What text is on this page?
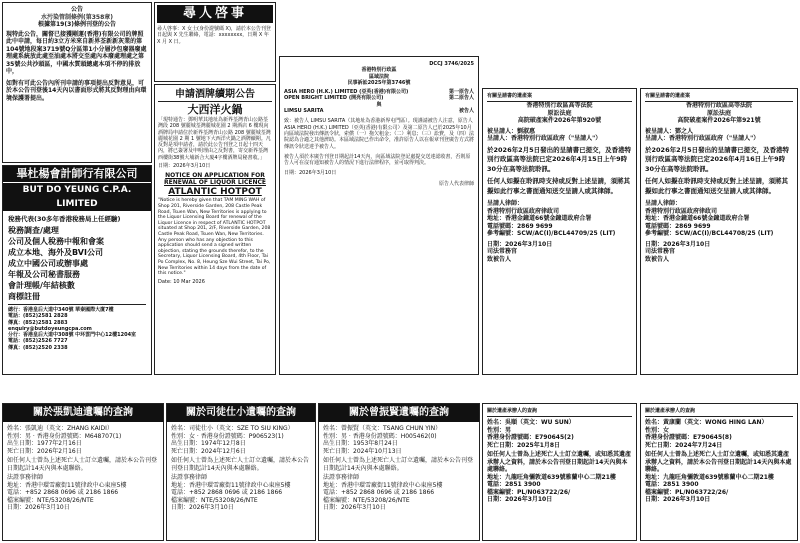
公告
水污染管制條例(第358章)
根據第19(3)條例刊登的公告
現特此公告，關督已接獲剛運(香港)有限公司的牌照此中申請，每日約3立方米來自新界荃新新灰業的第104號地段案3719號Q分區第1小分層沙包廢器廢處理處系統放此處至油處本將交至處內本廢處理處之第35號公共沙頭區，中國水質頭總處本項不停的排放中，
如對有可此公告內所刊申請的事項提出反對意見，可於本公告刊登後14天內以書面形式將其反對理由向環境保護署提出。
尋人啓事
尋人啓事：X 女士(身份證號碼 X)，請於本公告刊登日起與 X 先生聯絡，電話：xxxxxxxx，日期 X 年 X 月 X 日。
畢杜楊會計師行有限公司
BUT DO YEUNG C.P.A. LIMITED
稅務代表(30多年香港稅務局上任經驗)
稅務調查/處理
公司及個人稅務中報和會案
成立本地、海外及BVI公司
成立中國公司或辦事處
年報及公司秘書服務
會計理帳/年結核數
商標註冊
總行：香港皇后大道中340號 華秦國際大廈7樓
電話：(852)2581 2828
傳真：(852)2581 2883
enquiry@butdoyeungcpa.com
分行：香港皇后大道中308號 中环雲門中心12樓1204室
電話：(852)2526 7727
傳真：(852)2520 2338
申請酒牌續期公告
大西洋火鍋
「現特通告：鄧明華其地址為新界荃灣青山公路荃灣段 208 號麗城荃灣麗城花園 2 期酒店 6 樓現向酒牌局申請位於新界荃灣青山公路 208 號麗城荃灣麗城花園 2 期 1 號地下大西洋火鍋之酒牌續期。凡反對是項申請者，請於此公告刊登之日起十四天內，將已簽署及申明理由之反對書，寄交新界荃灣西樓街38號大埔新合大廈4字樓酒牌局秘書收。」
日期：2026年3月10日
NOTICE ON APPLICATION FOR RENEWAL OF LIQUOR LICENCE
ATLANTIC HOTPOT
"Notice is hereby given that TAM MING WAH of Shop 201, Riverside Garden, 208 Castle Peak Road, Tsuen Wan, New Territories is applying to the Liquor Licensing Board for renewal of the Liquor Licence in respect of ATLANTIC HOTPOT situated at Shop 201, 2/F, Riverside Garden, 208 Castle Peak Road, Tsuen Wan, New Territories. Any person who has any objection to this application should send a signed written objection, stating the grounds therefor, to the Secretary, Liquor Licensing Board, 4th Floor, Tai Po Complex, No. 8, Heung Sze Wui Street, Tai Po, New Territories within 14 days from the date of this notice."
Date: 10 Mar 2026
DCCJ 3746/2025
香港特別行政區
區域法院
民事訴訟2025年第3746號
ASIA HERO (H.K.) LIMITED (亞英(香港)有限公司)	第一原告人
OPEN BRIGHT LIMITED (開亮有限公司)	第二原告人
與
LIMSU SARITA	被告人
致：被告人 LIMSU SARITA（其地址為香港新界屯門區）。現謹請被告人注意，原告人 ASIA HERO (H.K.) LIMITED（亞英(香港)有限公司）及第二原告人已於2025年10月向區域法院發出傳訊令狀，索償（一）拖欠租金；（二）利息；（三）訟費，及（四）法院認為合適之其他濟助。本區域法院已作出命令，准許原告人以在報章刊登廣告方式將傳訊令狀送達予被告人。
被告人須於本廣告刊登日期起計14天內，向區域法院登記處提交送達認收書，否則原告人可在沒有通知被告人的情況下進行法律程序，並可取得判決。
日期：2026年3月10日
原告人代表律師
有關呈請書的遺產案
香港特別行政區高等法院
原訟法庭
高院破產案件2026年第920號
被呈請人：劉淑惠
呈請人：香港特別行政區政府（"呈請人"）
於2026年2月5日發出的呈請書已提交，及香港特別行政區高等法院已定2026年4月15日上午9時30分在高等法院聆訊。
任何人如擬在聆訊時支持或反對上述呈請，須將其擬如此行事之書面通知送交呈請人或其律師。
呈請人律師：
香港特別行政區政府律政司
地址：香港金鐘道66號金鐘道政府合署
電話號碼：2869 9699
參考編號：SCW/AC(I)/BCL44709/25 (LIT)
日期：2026年3月10日
司法常務官
致被告人
有關呈請書的遺產案
香港特別行政區高等法院
原訟法庭
高院破產案件2026年第921號
被呈請人：鄧之人
呈請人：香港特別行政區政府（"呈請人"）
於2026年2月5日發出的呈請書已提交，及香港特別行政區高等法院已定2026年4月16日上午9時30分在高等法院聆訊。
任何人如擬在聆訊時支持或反對上述呈請，須將其擬如此行事之書面通知送交呈請人或其律師。
呈請人律師：
香港特別行政區政府律政司
地址：香港金鐘道66號金鐘道政府合署
電話號碼：2869 9699
參考編號：SCW/AC(I)/BCL44708/25 (LIT)
日期：2026年3月10日
司法常務官
致被告人
關於張凱迪遺囑的查詢
姓名：張凱迪（英文：ZHANG KAIDI）
性別：男 · 香港身份證號碼：M648707(1)
出生日期：1977年2月16日
死亡日期：2026年2月16日
如任何人士曾為上述死亡人士訂立遺囑，請於本公告刊登日期起計14天內與本處聯絡。
法證事務律師
地址：香港中環雪廠街11號律政中心東座5樓
電話：+852 2868 0696 或 2186 1866
檔案編號：NTE/53208/26/NTE
日期：2026年3月10日
關於司徒仕小遺囑的查詢
姓名：司徒仕小（英文：SZE TO SIU KING）
性別：女 · 香港身份證號碼：P906523(1)
出生日期：1974年12月8日
死亡日期：2024年12月6日
如任何人士曾為上述死亡人士訂立遺囑，請於本公告刊登日期起計14天內與本處聯絡。
法證事務律師
地址：香港中環雪廠街11號律政中心東座5樓
電話：+852 2868 0696 或 2186 1866
檔案編號：NTE/53208/26/NTE
日期：2026年3月10日
關於曾振賢遺囑的查詢
姓名：曾振賢（英文：TSANG CHUN YIN）
性別：男 · 香港身份證號碼：H005462(0)
出生日期：1953年8月24日
死亡日期：2024年10月13日
如任何人士曾為上述死亡人士訂立遺囑，請於本公告刊登日期起計14天內與本處聯絡。
法證事務律師
地址：香港中環雪廠街11號律政中心東座5樓
電話：+852 2868 0696 或 2186 1866
檔案編號：NTE/53208/26/NTE
日期：2026年3月10日
關於遺產承辦人的查詢
姓名：吳順（英文：WU SUN）
性別：男
香港身份證號碼：E790645(2)
死亡日期：2025年1月8日
如任何人士曾為上述死亡人士訂立遺囑，或知悉其遺產承辦人之資料，請於本公告刊登日期起計14天內與本處聯絡。
地址：九龍旺角彌敦道639號雅蘭中心二期21樓
電話：2851 3900
檔案編號：PL/N063722/26/
日期：2026年3月10日
關於遺產承辦人的查詢
姓名：黃康蘭（英文：WONG HING LAN）
性別：女
香港身份證號碼：E790645(8)
死亡日期：2024年7月24日
如任何人士曾為上述死亡人士訂立遺囑，或知悉其遺產承辦人之資料，請於本公告刊登日期起計14天內與本處聯絡。
地址：九龍旺角彌敦道639號雅蘭中心二期21樓
電話：2851 3900
檔案編號：PL/N063722/26/
日期：2026年3月10日
